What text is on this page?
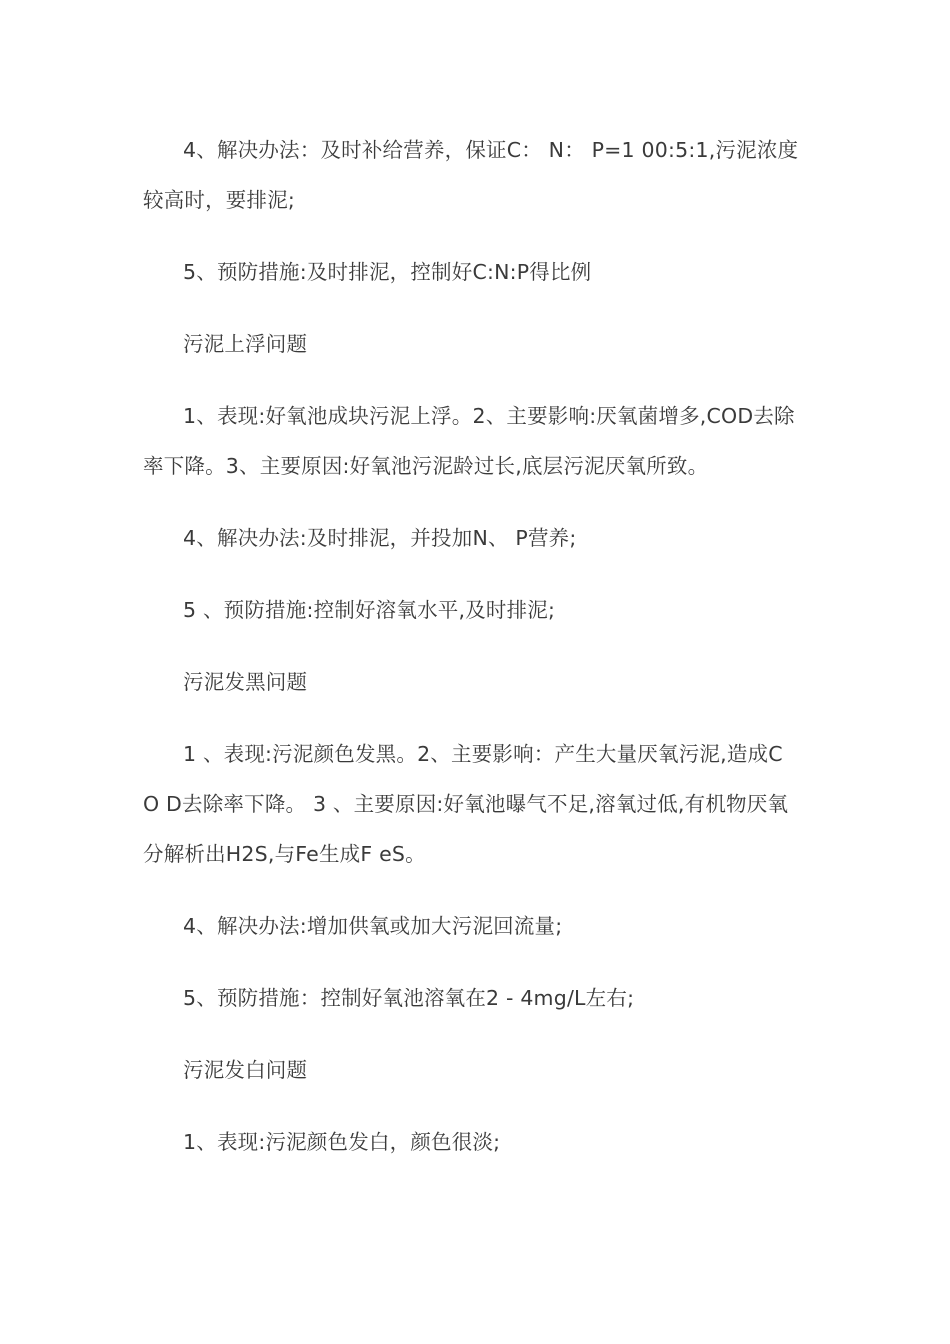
4、解决办法：及时补给营养，保证C： N： P=1 00:5:1,污泥浓度较高时，要排泥;

5、预防措施:及时排泥，控制好C:N:P得比例

污泥上浮问题

1、表现:好氧池成块污泥上浮。2、主要影响:厌氧菌增多,COD去除率下降。3、主要原因:好氧池污泥龄过长,底层污泥厌氧所致。

4、解决办法:及时排泥，并投加N、 P营养;

5 、预防措施:控制好溶氧水平,及时排泥;

污泥发黑问题

1 、表现:污泥颜色发黑。2、主要影响：产生大量厌氧污泥,造成C O D去除率下降。 3 、主要原因:好氧池曝气不足,溶氧过低,有机物厌氧分解析出H2S,与Fe生成F eS。

4、解决办法:增加供氧或加大污泥回流量;

5、预防措施：控制好氧池溶氧在2 - 4mg/L左右;

污泥发白问题

1、表现:污泥颜色发白，颜色很淡;
